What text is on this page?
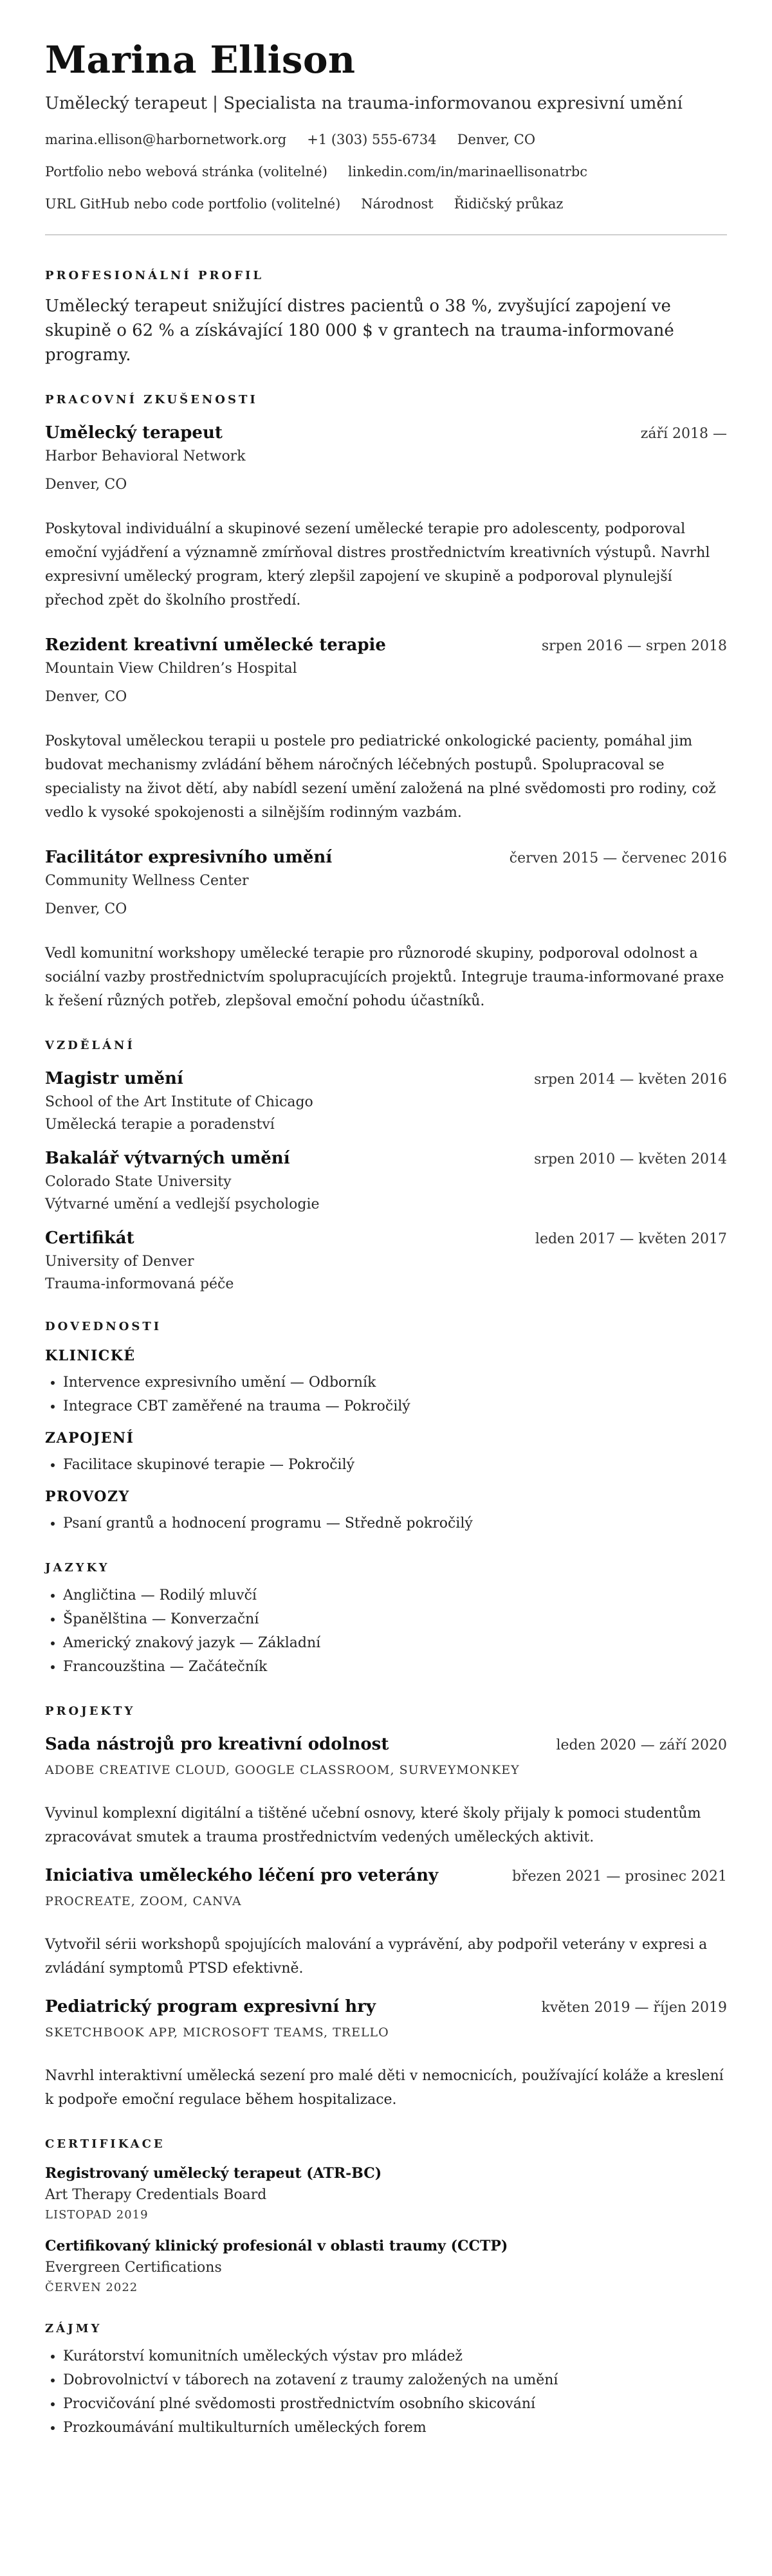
Marina Ellison
Umělecký terapeut | Specialista na trauma-informovanou expresivní umění
marina.ellison@harbornetwork.org +1 (303) 555-6734 Denver, CO
Portfolio nebo webová stránka (volitelné) linkedin.com/in/marinaellisonatrbc
URL GitHub nebo code portfolio (volitelné) Národnost Řidičský průkaz
PROFESIONÁLNÍ PROFIL

Umělecký terapeut snižující distres pacientů o 38 %, zvyšující zapojení ve skupině o 62 % a získávající 180 000 $ v grantech na trauma-informované programy.

PRACOVNÍ ZKUŠENOSTI
Umělecký terapeut	září 2018 —
Harbor Behavioral Network
Denver, CO

Poskytoval individuální a skupinové sezení umělecké terapie pro adolescenty, podporoval emoční vyjádření a významně zmírňoval distres prostřednictvím kreativních výstupů. Navrhl expresivní umělecký program, který zlepšil zapojení ve skupině a podporoval plynulejší přechod zpět do školního prostředí.

Rezident kreativní umělecké terapie	srpen 2016 — srpen 2018
Mountain View Children’s Hospital
Denver, CO

Poskytoval uměleckou terapii u postele pro pediatrické onkologické pacienty, pomáhal jim budovat mechanismy zvládání během náročných léčebných postupů. Spolupracoval se specialisty na život dětí, aby nabídl sezení umění založená na plné svědomosti pro rodiny, což vedlo k vysoké spokojenosti a silnějším rodinným vazbám.

Facilitátor expresivního umění	červen 2015 — červenec 2016
Community Wellness Center
Denver, CO

Vedl komunitní workshopy umělecké terapie pro různorodé skupiny, podporoval odolnost a sociální vazby prostřednictvím spolupracujících projektů. Integruje trauma-informované praxe k řešení různých potřeb, zlepšoval emoční pohodu účastníků.

VZDĚLÁNÍ
Magistr umění	srpen 2014 — květen 2016
School of the Art Institute of Chicago
Umělecká terapie a poradenství
Bakalář výtvarných umění	srpen 2010 — květen 2014
Colorado State University
Výtvarné umění a vedlejší psychologie
Certifikát	leden 2017 — květen 2017
University of Denver
Trauma-informovaná péče
DOVEDNOSTI
KLINICKÉ
• Intervence expresivního umění — Odborník
• Integrace CBT zaměřené na trauma — Pokročilý
ZAPOJENÍ
• Facilitace skupinové terapie — Pokročilý
PROVOZY
• Psaní grantů a hodnocení programu — Středně pokročilý
JAZYKY
• Angličtina — Rodilý mluvčí
• Španělština — Konverzační
• Americký znakový jazyk — Základní
• Francouzština — Začátečník
PROJEKTY
Sada nástrojů pro kreativní odolnost	leden 2020 — září 2020
ADOBE CREATIVE CLOUD, GOOGLE CLASSROOM, SURVEYMONKEY

Vyvinul komplexní digitální a tištěné učební osnovy, které školy přijaly k pomoci studentům zpracovávat smutek a trauma prostřednictvím vedených uměleckých aktivit.

Iniciativa uměleckého léčení pro veterány	březen 2021 — prosinec 2021
PROCREATE, ZOOM, CANVA

Vytvořil sérii workshopů spojujících malování a vyprávění, aby podpořil veterány v expresi a zvládání symptomů PTSD efektivně.

Pediatrický program expresivní hry	květen 2019 — říjen 2019
SKETCHBOOK APP, MICROSOFT TEAMS, TRELLO

Navrhl interaktivní umělecká sezení pro malé děti v nemocnicích, používající koláže a kreslení k podpoře emoční regulace během hospitalizace.

CERTIFIKACE
Registrovaný umělecký terapeut (ATR-BC)
Art Therapy Credentials Board
LISTOPAD 2019
Certifikovaný klinický profesionál v oblasti traumy (CCTP)
Evergreen Certifications
ČERVEN 2022
ZÁJMY
• Kurátorství komunitních uměleckých výstav pro mládež
• Dobrovolnictví v táborech na zotavení z traumy založených na umění
• Procvičování plné svědomosti prostřednictvím osobního skicování
• Prozkoumávání multikulturních uměleckých forem
